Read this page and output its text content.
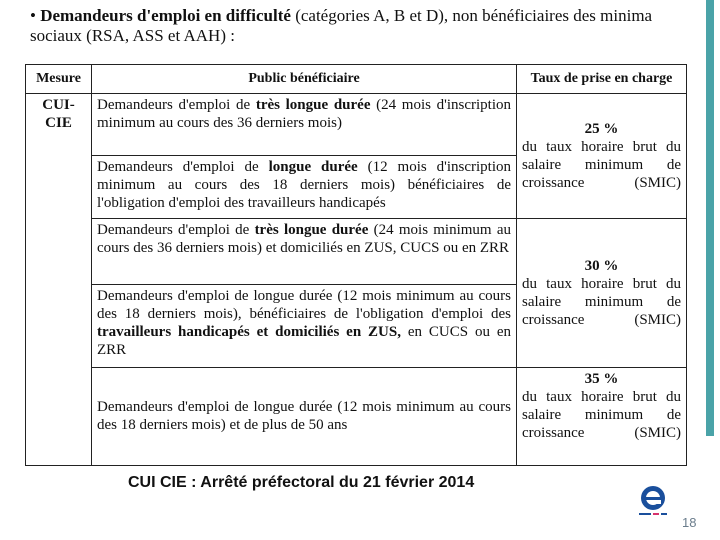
• Demandeurs d'emploi en difficulté (catégories A, B et D), non bénéficiaires des minima sociaux (RSA, ASS et AAH) :
Mesure	Public bénéficiaire	Taux de prise en charge
CUI-CIE	Demandeurs d'emploi de très longue durée (24 mois d'inscription minimum au cours des 36 derniers mois)	25 %
du taux horaire brut du salaire minimum de croissance (SMIC)
	Demandeurs d'emploi de longue durée (12 mois d'inscription minimum au cours des 18 derniers mois) bénéficiaires de l'obligation d'emploi des travailleurs handicapés	
	Demandeurs d'emploi de très longue durée (24 mois minimum au cours des 36 derniers mois) et domiciliés en ZUS, CUCS ou en ZRR	30 %
du taux horaire brut du salaire minimum de croissance (SMIC)
	Demandeurs d'emploi de longue durée (12 mois minimum au cours des 18 derniers mois), bénéficiaires de l'obligation d'emploi des travailleurs handicapés et domiciliés en ZUS, en CUCS ou en ZRR	
	Demandeurs d'emploi de longue durée (12 mois minimum au cours des 18 derniers mois) et de plus de 50 ans	35 %
du taux horaire brut du salaire minimum de croissance (SMIC)
CUI CIE : Arrêté préfectoral du 21 février 2014
18
